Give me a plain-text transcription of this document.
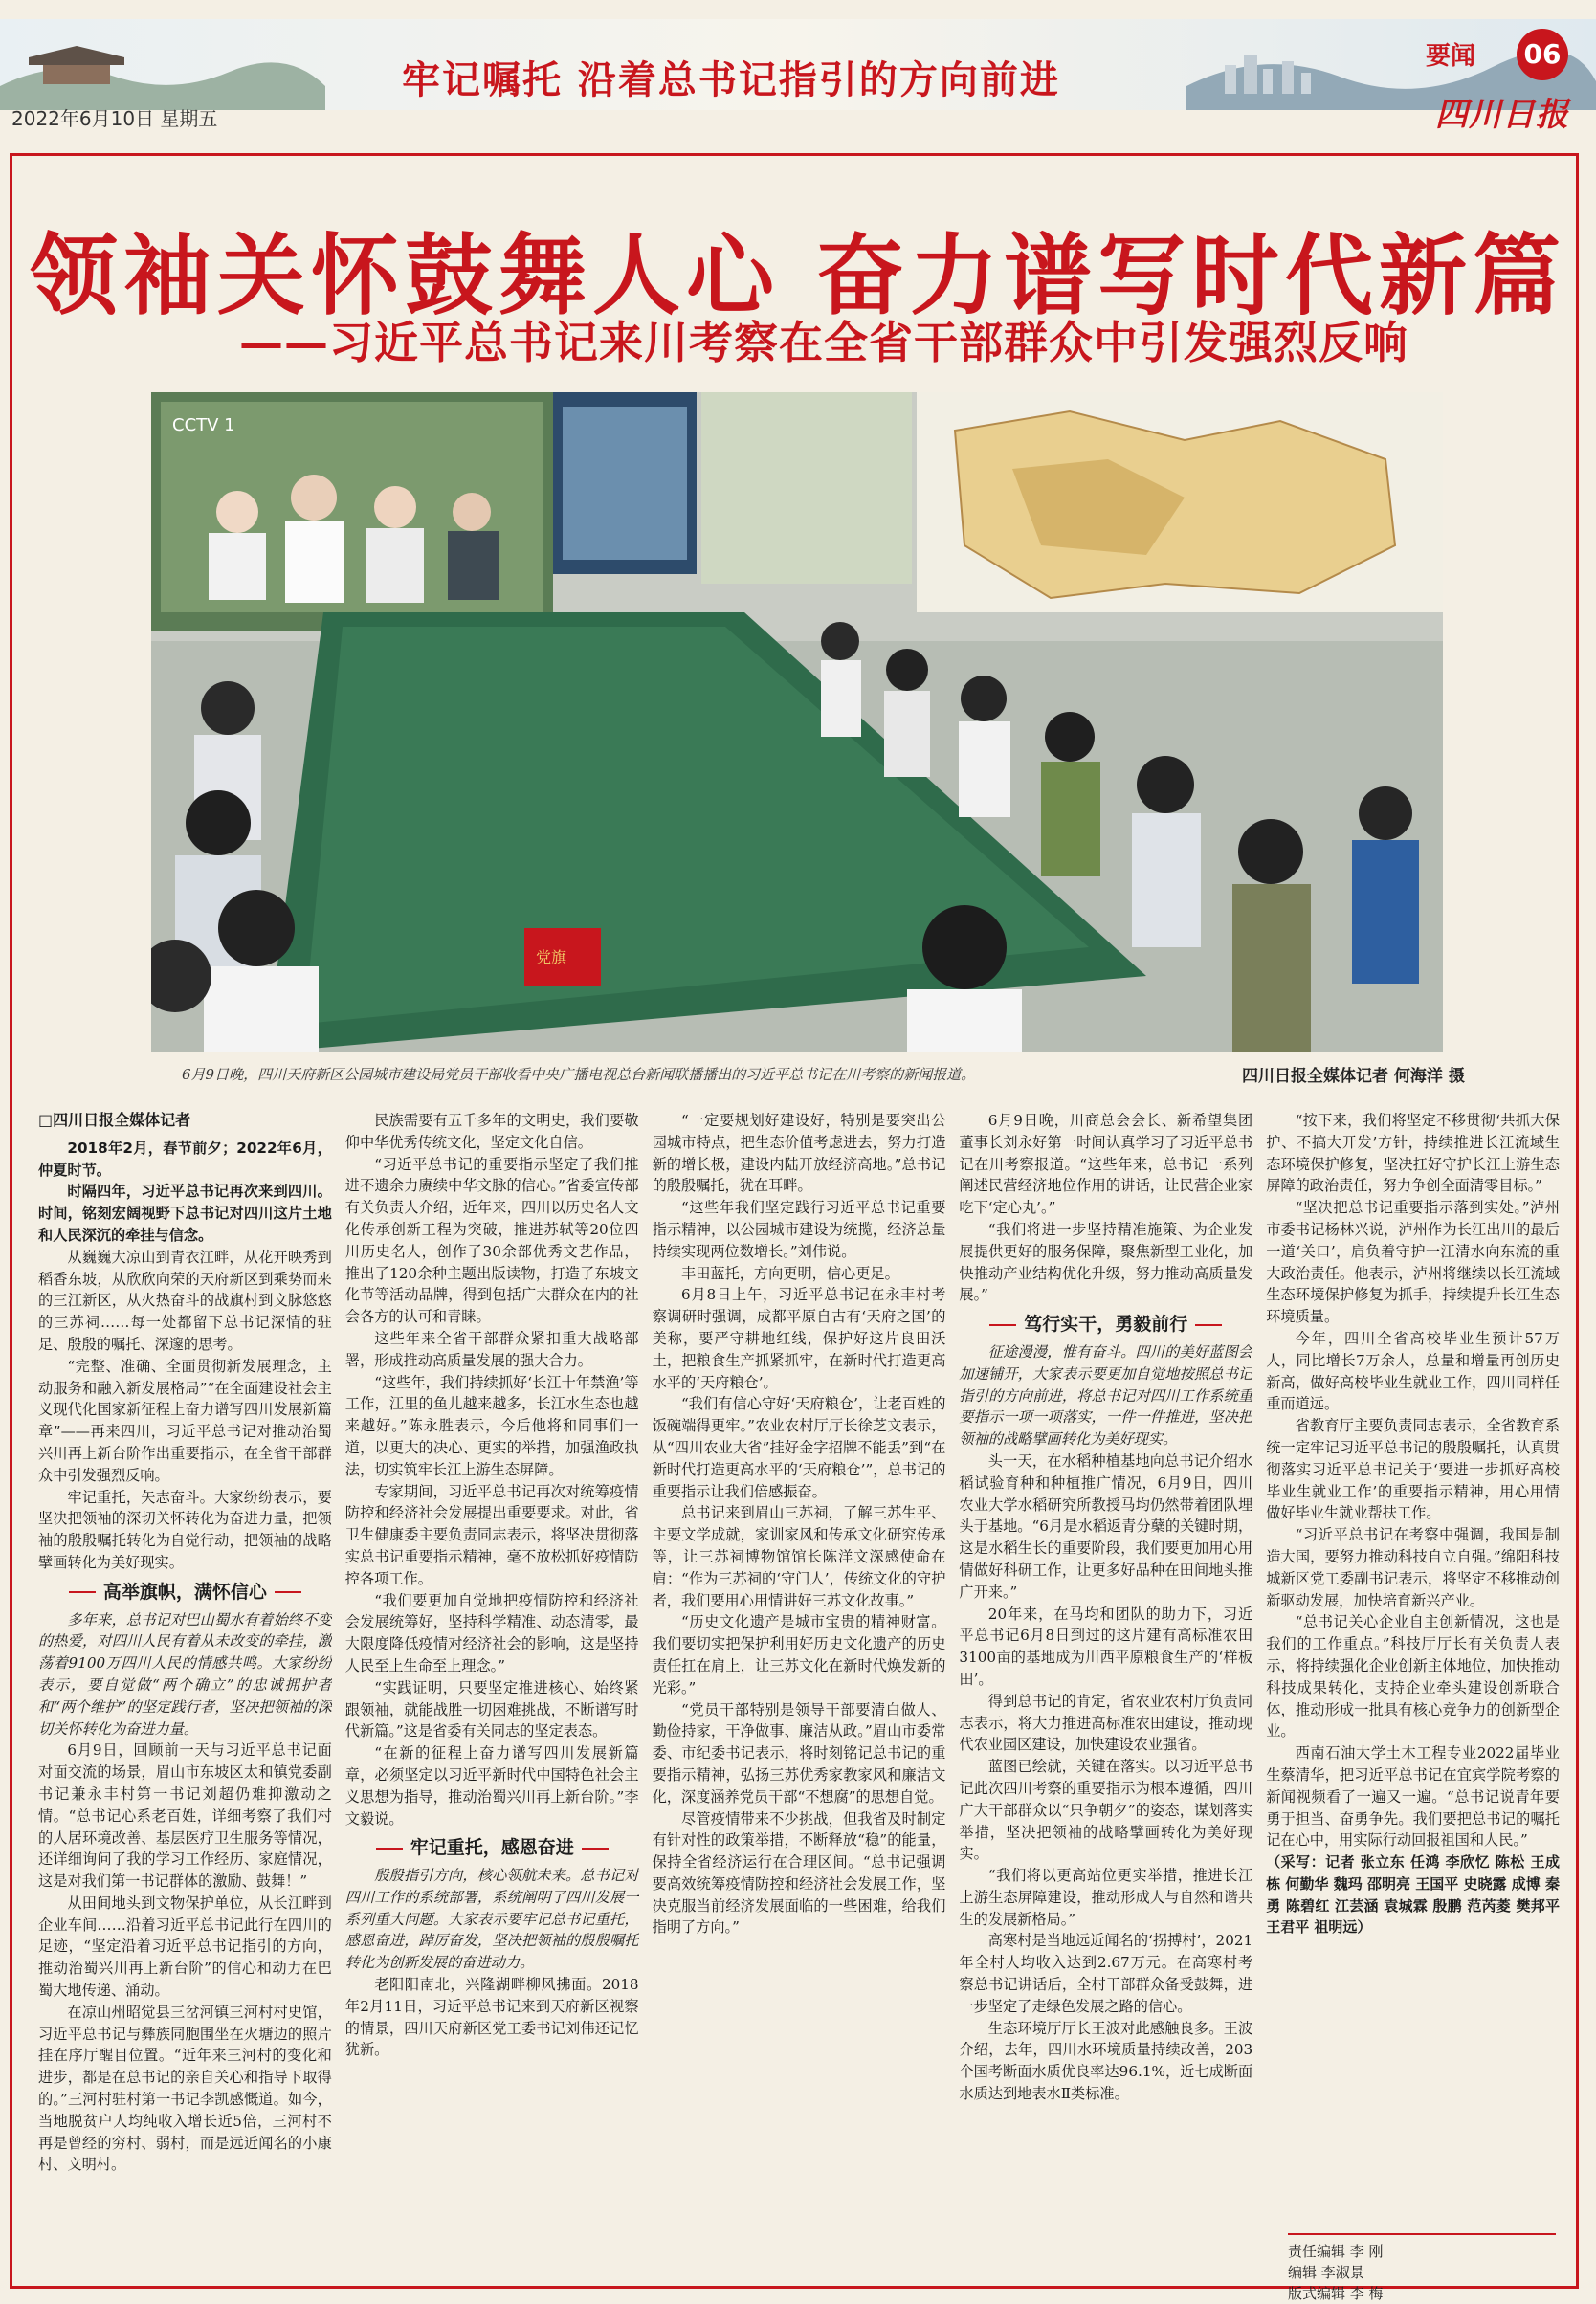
牢记嘱托 沿着总书记指引的方向前进
要闻 06
四川日报
2022年6月10日 星期五
领袖关怀鼓舞人心 奋力谱写时代新篇
——习近平总书记来川考察在全省干部群众中引发强烈反响
CCTV 1
党旗
6月9日晚，四川天府新区公园城市建设局党员干部收看中央广播电视总台新闻联播播出的习近平总书记在川考察的新闻报道。	四川日报全媒体记者 何海洋 摄

□四川日报全媒体记者

2018年2月，春节前夕；2022年6月，仲夏时节。

时隔四年，习近平总书记再次来到四川。时间，铭刻宏阔视野下总书记对四川这片土地和人民深沉的牵挂与信念。

从巍巍大凉山到青衣江畔，从花开映秀到稻香东坡，从欣欣向荣的天府新区到乘势而来的三江新区，从火热奋斗的战旗村到文脉悠悠的三苏祠……每一处都留下总书记深情的驻足、殷殷的嘱托、深邃的思考。

“完整、准确、全面贯彻新发展理念，主动服务和融入新发展格局”“在全面建设社会主义现代化国家新征程上奋力谱写四川发展新篇章”——再来四川，习近平总书记对推动治蜀兴川再上新台阶作出重要指示，在全省干部群众中引发强烈反响。

牢记重托，矢志奋斗。大家纷纷表示，要坚决把领袖的深切关怀转化为奋进力量，把领袖的殷殷嘱托转化为自觉行动，把领袖的战略擘画转化为美好现实。

高举旗帜，满怀信心

多年来，总书记对巴山蜀水有着始终不变的热爱，对四川人民有着从未改变的牵挂，激荡着9100万四川人民的情感共鸣。大家纷纷表示，要自觉做“两个确立”的忠诚拥护者和“两个维护”的坚定践行者，坚决把领袖的深切关怀转化为奋进力量。

6月9日，回顾前一天与习近平总书记面对面交流的场景，眉山市东坡区太和镇党委副书记兼永丰村第一书记刘超仍难抑激动之情。“总书记心系老百姓，详细考察了我们村的人居环境改善、基层医疗卫生服务等情况，还详细询问了我的学习工作经历、家庭情况，这是对我们第一书记群体的激励、鼓舞！”

从田间地头到文物保护单位，从长江畔到企业车间……沿着习近平总书记此行在四川的足迹，“坚定沿着习近平总书记指引的方向，推动治蜀兴川再上新台阶”的信心和动力在巴蜀大地传递、涌动。

在凉山州昭觉县三岔河镇三河村村史馆，习近平总书记与彝族同胞围坐在火塘边的照片挂在序厅醒目位置。“近年来三河村的变化和进步，都是在总书记的亲自关心和指导下取得的。”三河村驻村第一书记李凯感慨道。如今，当地脱贫户人均纯收入增长近5倍，三河村不再是曾经的穷村、弱村，而是远近闻名的小康村、文明村。

民族需要有五千多年的文明史，我们要敬仰中华优秀传统文化，坚定文化自信。

“习近平总书记的重要指示坚定了我们推进不遗余力赓续中华文脉的信心。”省委宣传部有关负责人介绍，近年来，四川以历史名人文化传承创新工程为突破，推进苏轼等20位四川历史名人，创作了30余部优秀文艺作品，推出了120余种主题出版读物，打造了东坡文化节等活动品牌，得到包括广大群众在内的社会各方的认可和青睐。

这些年来全省干部群众紧扣重大战略部署，形成推动高质量发展的强大合力。

“这些年，我们持续抓好‘长江十年禁渔’等工作，江里的鱼儿越来越多，长江水生态也越来越好。”陈永胜表示，今后他将和同事们一道，以更大的决心、更实的举措，加强渔政执法，切实筑牢长江上游生态屏障。

专家期间，习近平总书记再次对统筹疫情防控和经济社会发展提出重要要求。对此，省卫生健康委主要负责同志表示，将坚决贯彻落实总书记重要指示精神，毫不放松抓好疫情防控各项工作。

“我们要更加自觉地把疫情防控和经济社会发展统筹好，坚持科学精准、动态清零，最大限度降低疫情对经济社会的影响，这是坚持人民至上生命至上理念。”

“实践证明，只要坚定推进核心、始终紧跟领袖，就能战胜一切困难挑战，不断谱写时代新篇。”这是省委有关同志的坚定表态。

“在新的征程上奋力谱写四川发展新篇章，必须坚定以习近平新时代中国特色社会主义思想为指导，推动治蜀兴川再上新台阶。”李文毅说。

牢记重托，感恩奋进

殷殷指引方向，核心领航未来。总书记对四川工作的系统部署，系统阐明了四川发展一系列重大问题。大家表示要牢记总书记重托，感恩奋进，踔厉奋发，坚决把领袖的殷殷嘱托转化为创新发展的奋进动力。

老阳阳南北，兴隆湖畔柳风拂面。2018年2月11日，习近平总书记来到天府新区视察的情景，四川天府新区党工委书记刘伟还记忆犹新。

“一定要规划好建设好，特别是要突出公园城市特点，把生态价值考虑进去，努力打造新的增长极，建设内陆开放经济高地。”总书记的殷殷嘱托，犹在耳畔。

“这些年我们坚定践行习近平总书记重要指示精神，以公园城市建设为统揽，经济总量持续实现两位数增长。”刘伟说。

丰田蓝托，方向更明，信心更足。

6月8日上午，习近平总书记在永丰村考察调研时强调，成都平原自古有‘天府之国’的美称，要严守耕地红线，保护好这片良田沃土，把粮食生产抓紧抓牢，在新时代打造更高水平的‘天府粮仓’。

“我们有信心守好‘天府粮仓’，让老百姓的饭碗端得更牢。”农业农村厅厅长徐芝文表示，从“四川农业大省”挂好金字招牌不能丢”到“在新时代打造更高水平的‘天府粮仓’”，总书记的重要指示让我们倍感振奋。

总书记来到眉山三苏祠，了解三苏生平、主要文学成就，家训家风和传承文化研究传承等，让三苏祠博物馆馆长陈洋文深感使命在肩：“作为三苏祠的‘守门人’，传统文化的守护者，我们要用心用情讲好三苏文化故事。”

“历史文化遗产是城市宝贵的精神财富。我们要切实把保护利用好历史文化遗产的历史责任扛在肩上，让三苏文化在新时代焕发新的光彩。”

“党员干部特别是领导干部要清白做人、勤俭持家，干净做事、廉洁从政。”眉山市委常委、市纪委书记表示，将时刻铭记总书记的重要指示精神，弘扬三苏优秀家教家风和廉洁文化，深度涵养党员干部“不想腐”的思想自觉。

尽管疫情带来不少挑战，但我省及时制定有针对性的政策举措，不断释放“稳”的能量，保持全省经济运行在合理区间。“总书记强调要高效统筹疫情防控和经济社会发展工作，坚决克服当前经济发展面临的一些困难，给我们指明了方向。”

6月9日晚，川商总会会长、新希望集团董事长刘永好第一时间认真学习了习近平总书记在川考察报道。“这些年来，总书记一系列阐述民营经济地位作用的讲话，让民营企业家吃下‘定心丸’。”

“我们将进一步坚持精准施策、为企业发展提供更好的服务保障，聚焦新型工业化，加快推动产业结构优化升级，努力推动高质量发展。”

笃行实干，勇毅前行

征途漫漫，惟有奋斗。四川的美好蓝图会加速铺开，大家表示要更加自觉地按照总书记指引的方向前进，将总书记对四川工作系统重要指示一项一项落实，一件一件推进，坚决把领袖的战略擘画转化为美好现实。

头一天，在水稻种植基地向总书记介绍水稻试验育种和种植推广情况，6月9日，四川农业大学水稻研究所教授马均仍然带着团队埋头于基地。“6月是水稻返青分蘖的关键时期，这是水稻生长的重要阶段，我们要更加用心用情做好科研工作，让更多好品种在田间地头推广开来。”

20年来，在马均和团队的助力下，习近平总书记6月8日到过的这片建有高标准农田3100亩的基地成为川西平原粮食生产的‘样板田’。

得到总书记的肯定，省农业农村厅负责同志表示，将大力推进高标准农田建设，推动现代农业园区建设，加快建设农业强省。

蓝图已绘就，关键在落实。以习近平总书记此次四川考察的重要指示为根本遵循，四川广大干部群众以“只争朝夕”的姿态，谋划落实举措，坚决把领袖的战略擘画转化为美好现实。

“我们将以更高站位更实举措，推进长江上游生态屏障建设，推动形成人与自然和谐共生的发展新格局。”

高寒村是当地远近闻名的‘拐搏村’，2021年全村人均收入达到2.67万元。在高寒村考察总书记讲话后，全村干部群众备受鼓舞，进一步坚定了走绿色发展之路的信心。

生态环境厅厅长王波对此感触良多。王波介绍，去年，四川水环境质量持续改善，203个国考断面水质优良率达96.1%，近七成断面水质达到地表水Ⅱ类标准。

“按下来，我们将坚定不移贯彻‘共抓大保护、不搞大开发’方针，持续推进长江流域生态环境保护修复，坚决扛好守护长江上游生态屏障的政治责任，努力争创全面清零目标。”

“坚决把总书记重要指示落到实处。”泸州市委书记杨林兴说，泸州作为长江出川的最后一道‘关口’，肩负着守护一江清水向东流的重大政治责任。他表示，泸州将继续以长江流域生态环境保护修复为抓手，持续提升长江生态环境质量。

今年，四川全省高校毕业生预计57万人，同比增长7万余人，总量和增量再创历史新高，做好高校毕业生就业工作，四川同样任重而道远。

省教育厅主要负责同志表示，全省教育系统一定牢记习近平总书记的殷殷嘱托，认真贯彻落实习近平总书记关于‘要进一步抓好高校毕业生就业工作’的重要指示精神，用心用情做好毕业生就业帮扶工作。

“习近平总书记在考察中强调，我国是制造大国，要努力推动科技自立自强。”绵阳科技城新区党工委副书记表示，将坚定不移推动创新驱动发展，加快培育新兴产业。

“总书记关心企业自主创新情况，这也是我们的工作重点。”科技厅厅长有关负责人表示，将持续强化企业创新主体地位，加快推动科技成果转化，支持企业牵头建设创新联合体，推动形成一批具有核心竞争力的创新型企业。

西南石油大学土木工程专业2022届毕业生蔡清华，把习近平总书记在宜宾学院考察的新闻视频看了一遍又一遍。“总书记说青年要勇于担当、奋勇争先。我们要把总书记的嘱托记在心中，用实际行动回报祖国和人民。”

（采写：记者 张立东 任鸿 李欣忆 陈松 王成栋 何勤华 魏玛 邵明亮 王国平 史晓露 成博 秦勇 陈碧红 江芸涵 袁城霖 殷鹏 范芮菱 樊邦平 王君平 祖明远）

责任编辑 李 刚
编辑 李淑景
版式编辑 李 梅
